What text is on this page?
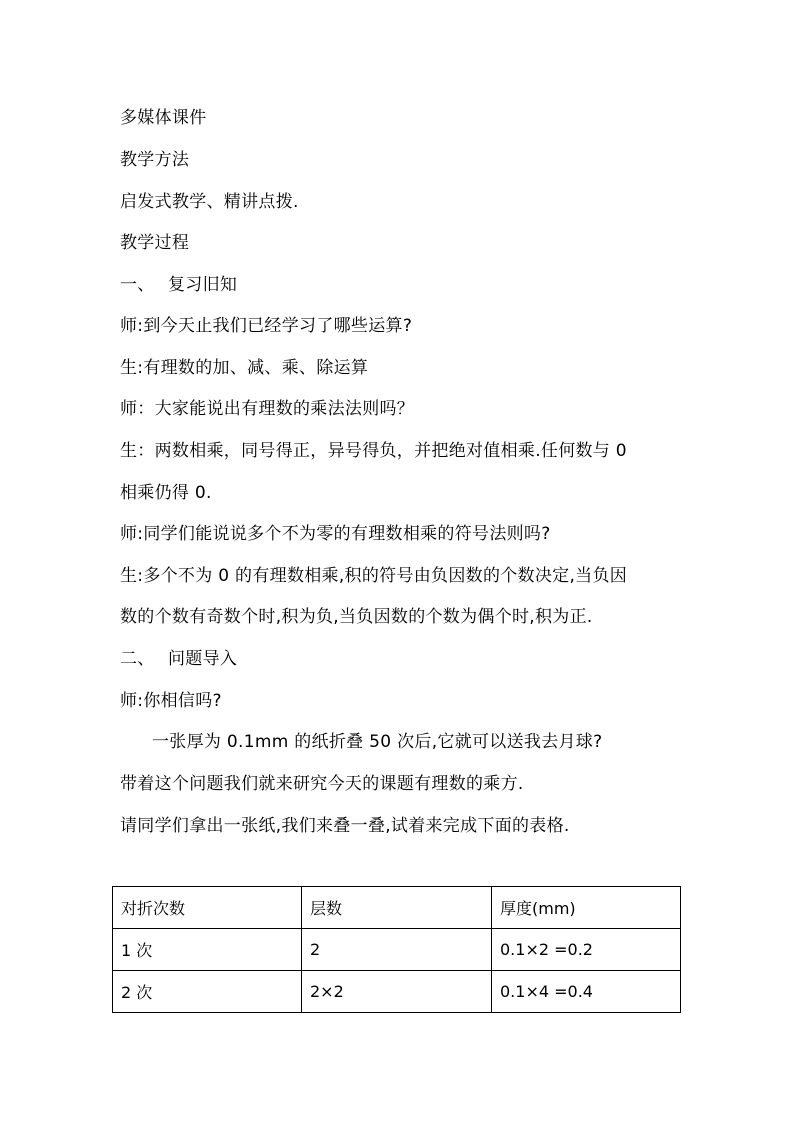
多媒体课件
教学方法
启发式教学、精讲点拨.
教学过程
一、 复习旧知
师:到今天止我们已经学习了哪些运算?
生:有理数的加、减、乘、除运算
师：大家能说出有理数的乘法法则吗？
生：两数相乘，同号得正，异号得负，并把绝对值相乘.任何数与 0
相乘仍得 0.
师:同学们能说说多个不为零的有理数相乘的符号法则吗?
生:多个不为 0 的有理数相乘,积的符号由负因数的个数决定,当负因
数的个数有奇数个时,积为负,当负因数的个数为偶个时,积为正.
二、 问题导入
师:你相信吗?
一张厚为 0.1mm 的纸折叠 50 次后,它就可以送我去月球?
带着这个问题我们就来研究今天的课题有理数的乘方.
请同学们拿出一张纸,我们来叠一叠,试着来完成下面的表格.
对折次数	层数	厚度(mm)
1 次	2	0.1×2 =0.2
2 次	2×2	0.1×4 =0.4
